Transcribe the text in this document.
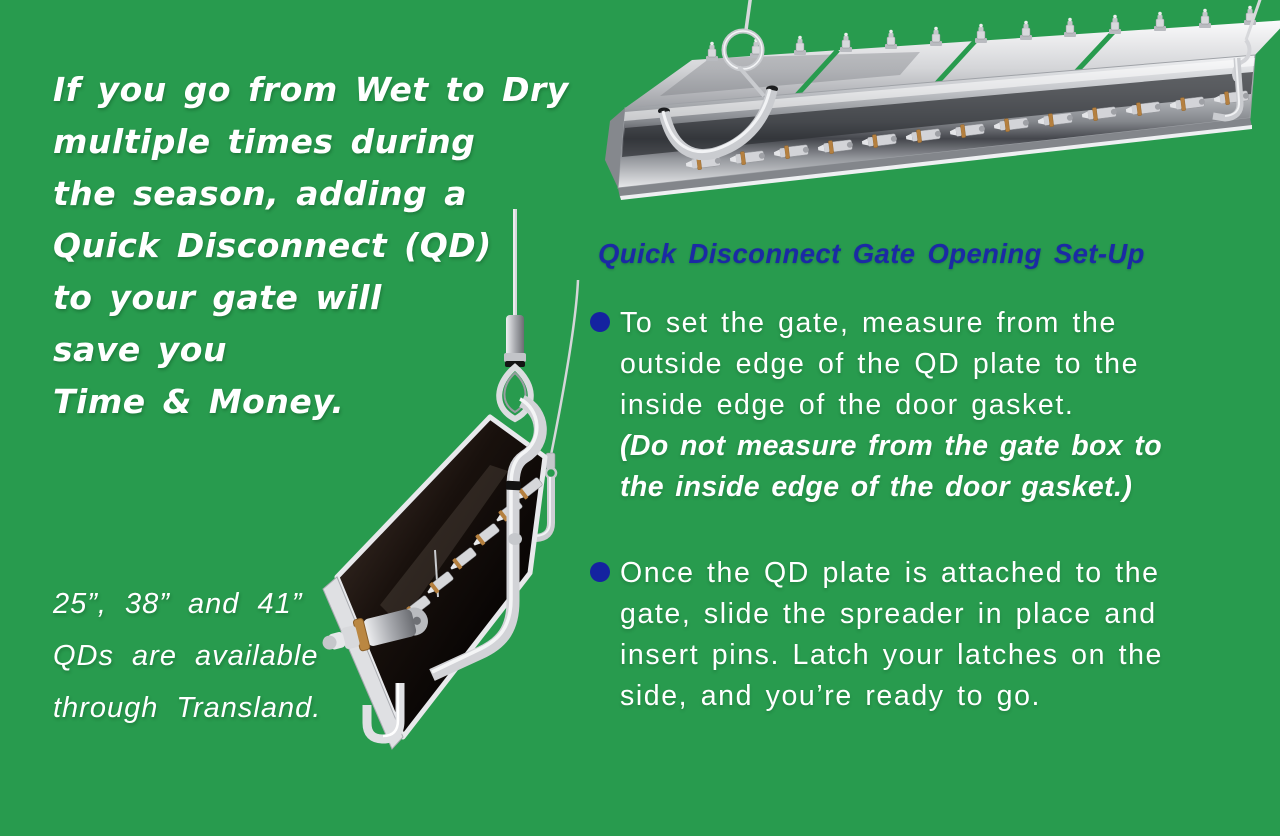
If you go from Wet to Dry
multiple times during
the season, adding a
Quick Disconnect (QD)
to your gate will
save you
Time & Money.
25”, 38” and 41”
QDs are available
through Transland.
Quick Disconnect Gate Opening Set-Up
To set the gate, measure from the outside edge of the QD plate to the inside edge of the door gasket.
(Do not measure from the gate box to the inside edge of the door gasket.)
Once the QD plate is attached to the gate, slide the spreader in place and insert pins. Latch your latches on the side, and you’re ready to go.
